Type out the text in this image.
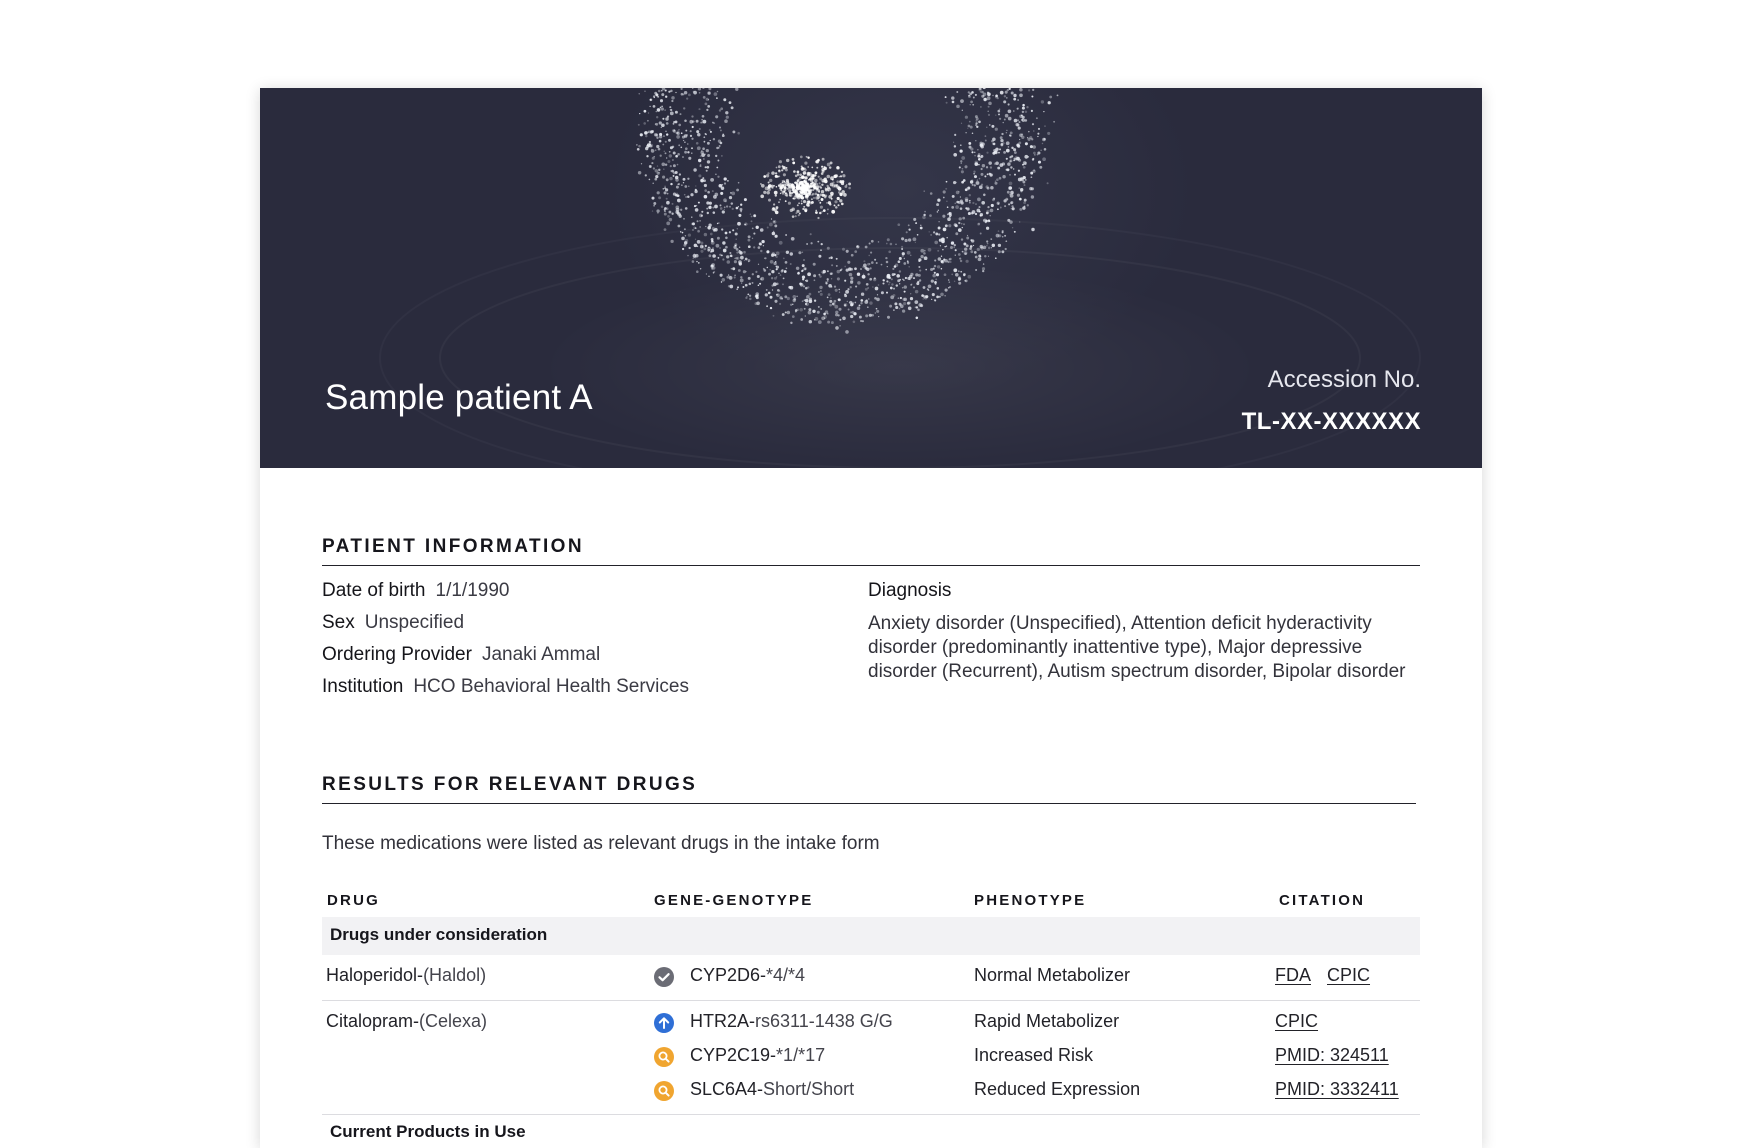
Sample patient A	Accession No.
TL-XX-XXXXXX
PATIENT INFORMATION
Date of birth 1/1/1990
Sex Unspecified
Ordering Provider Janaki Ammal
Institution HCO Behavioral Health Services
Diagnosis
Anxiety disorder (Unspecified), Attention deficit hyderactivity disorder (predominantly inattentive type), Major depressive disorder (Recurrent), Autism spectrum disorder, Bipolar disorder
RESULTS FOR RELEVANT DRUGS
These medications were listed as relevant drugs in the intake form
DRUG	GENE-GENOTYPE	PHENOTYPE	CITATION
Drugs under consideration
Haloperidol-(Haldol)	CYP2D6-*4/*4	Normal Metabolizer	FDA CPIC
Citalopram-(Celexa)	HTR2A-rs6311-1438 G/G	Rapid Metabolizer	CPIC
CYP2C19-*1/*17	Increased Risk	PMID: 324511
SLC6A4-Short/Short	Reduced Expression	PMID: 3332411
Current Products in Use
